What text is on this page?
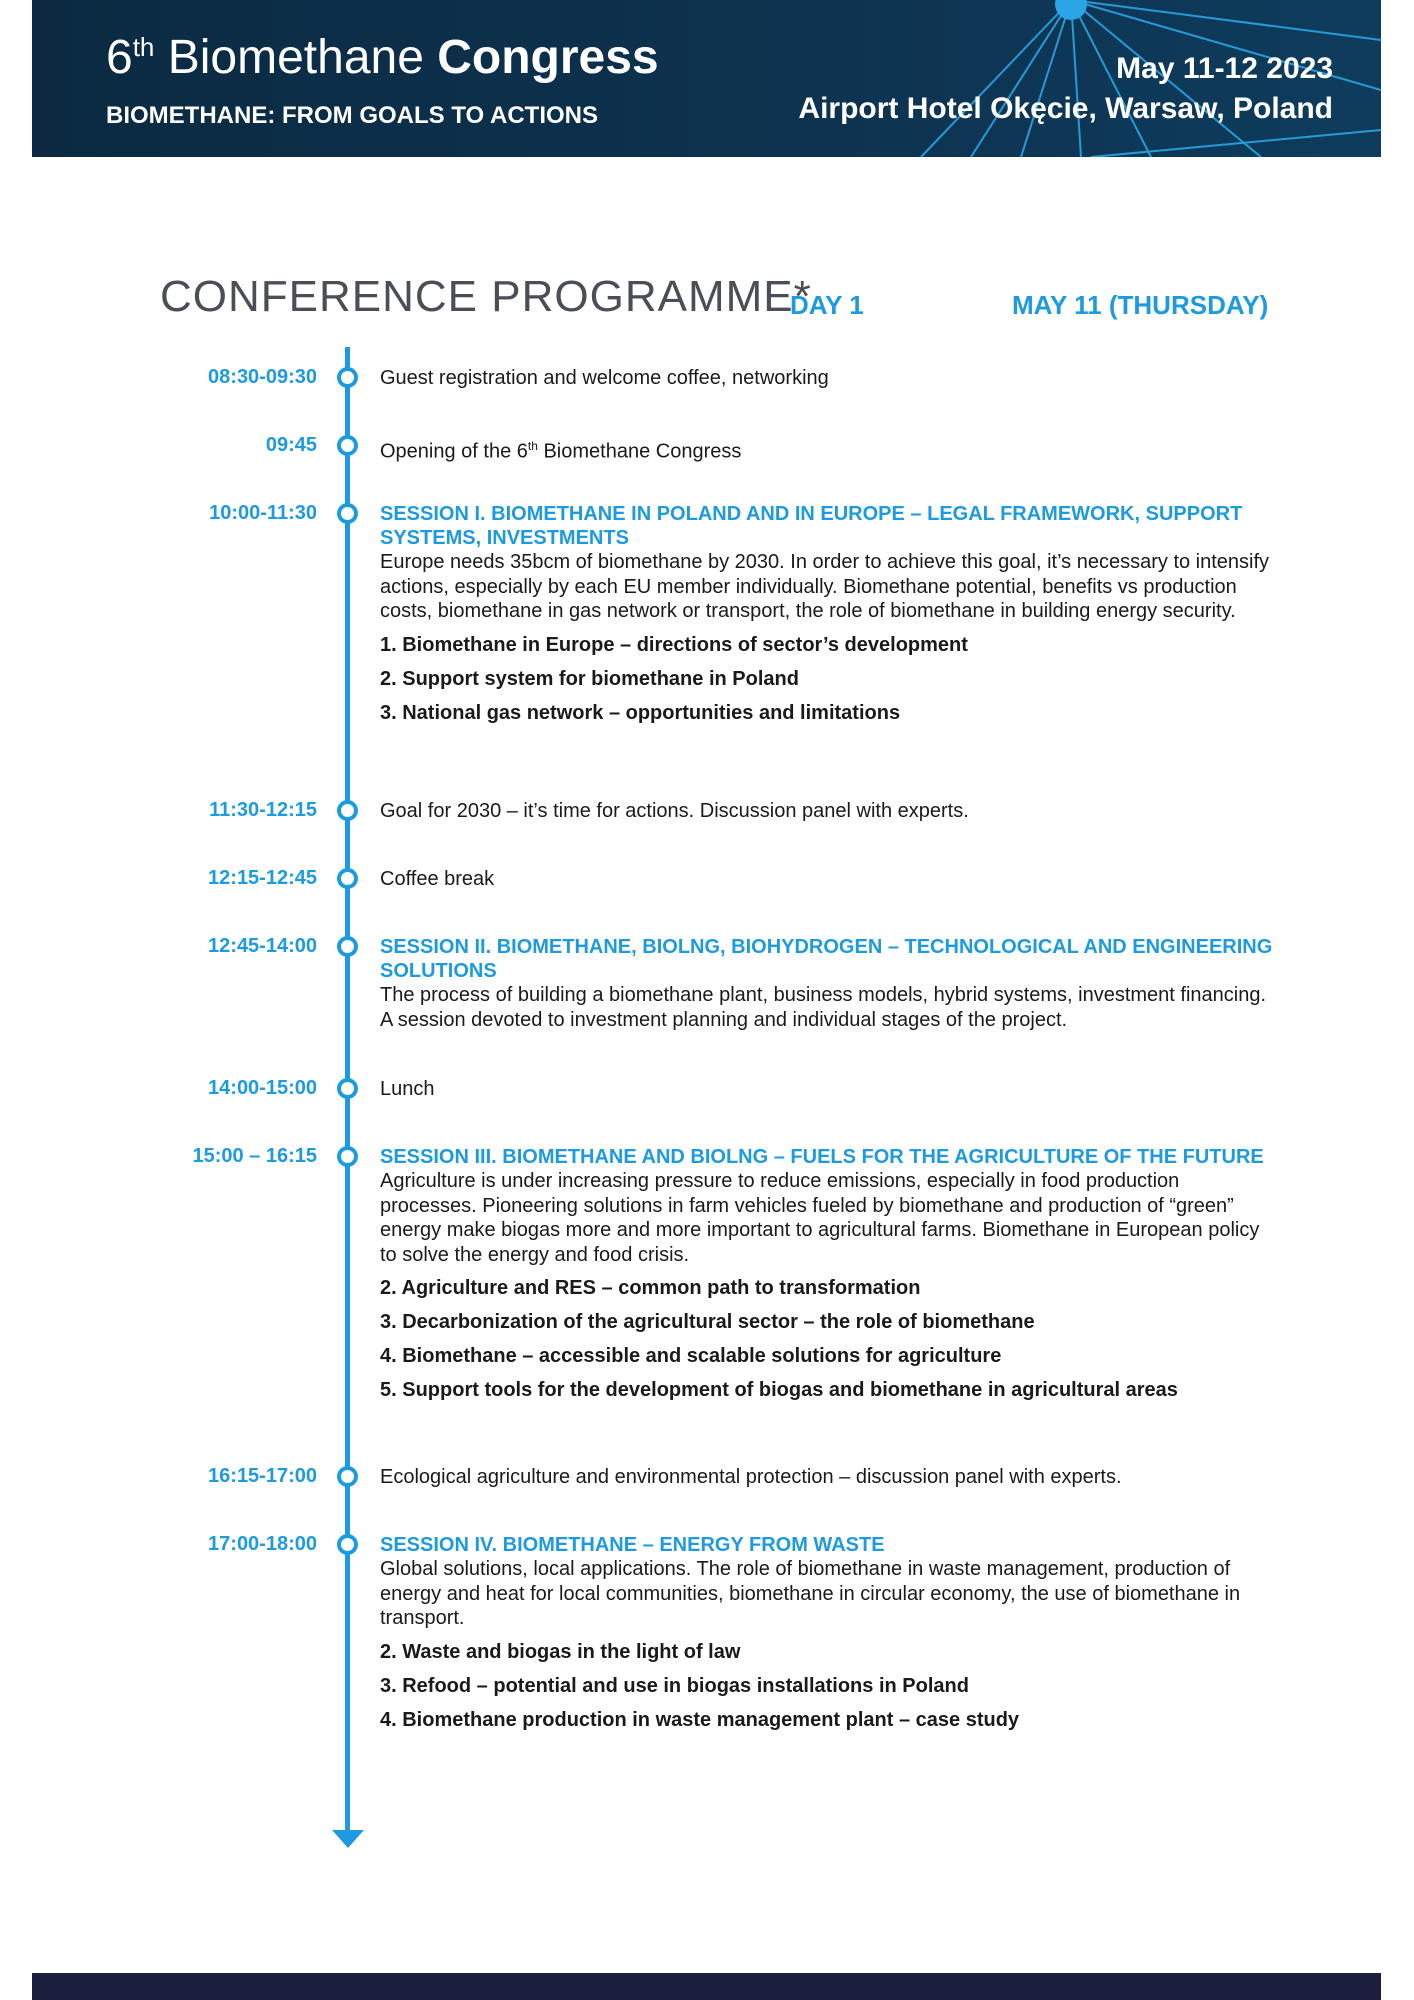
6th Biomethane Congress
BIOMETHANE: FROM GOALS TO ACTIONS
May 11-12 2023
Airport Hotel Okęcie, Warsaw, Poland
CONFERENCE PROGRAMME*
DAY 1	MAY 11 (THURSDAY)
08:30-09:30	Guest registration and welcome coffee, networking
09:45	Opening of the 6th Biomethane Congress
10:00-11:30	SESSION I. BIOMETHANE IN POLAND AND IN EUROPE – LEGAL FRAMEWORK, SUPPORT SYSTEMS, INVESTMENTS
Europe needs 35bcm of biomethane by 2030. In order to achieve this goal, it’s necessary to intensify actions, especially by each EU member individually. Biomethane potential, benefits vs production costs, biomethane in gas network or transport, the role of biomethane in building energy security.
1. Biomethane in Europe – directions of sector’s development
2. Support system for biomethane in Poland
3. National gas network – opportunities and limitations
11:30-12:15	Goal for 2030 – it’s time for actions. Discussion panel with experts.
12:15-12:45	Coffee break
12:45-14:00	SESSION II. BIOMETHANE, BIOLNG, BIOHYDROGEN – TECHNOLOGICAL AND ENGINEERING SOLUTIONS
The process of building a biomethane plant, business models, hybrid systems, investment financing. A session devoted to investment planning and individual stages of the project.
14:00-15:00	Lunch
15:00 – 16:15	SESSION III. BIOMETHANE AND BIOLNG – FUELS FOR THE AGRICULTURE OF THE FUTURE
Agriculture is under increasing pressure to reduce emissions, especially in food production processes. Pioneering solutions in farm vehicles fueled by biomethane and production of “green” energy make biogas more and more important to agricultural farms. Biomethane in European policy to solve the energy and food crisis.
2. Agriculture and RES – common path to transformation
3. Decarbonization of the agricultural sector – the role of biomethane
4. Biomethane – accessible and scalable solutions for agriculture
5. Support tools for the development of biogas and biomethane in agricultural areas
16:15-17:00	Ecological agriculture and environmental protection – discussion panel with experts.
17:00-18:00	SESSION IV. BIOMETHANE – ENERGY FROM WASTE
Global solutions, local applications. The role of biomethane in waste management, production of energy and heat for local communities, biomethane in circular economy, the use of biomethane in transport.
2. Waste and biogas in the light of law
3. Refood – potential and use in biogas installations in Poland
4. Biomethane production in waste management plant – case study
